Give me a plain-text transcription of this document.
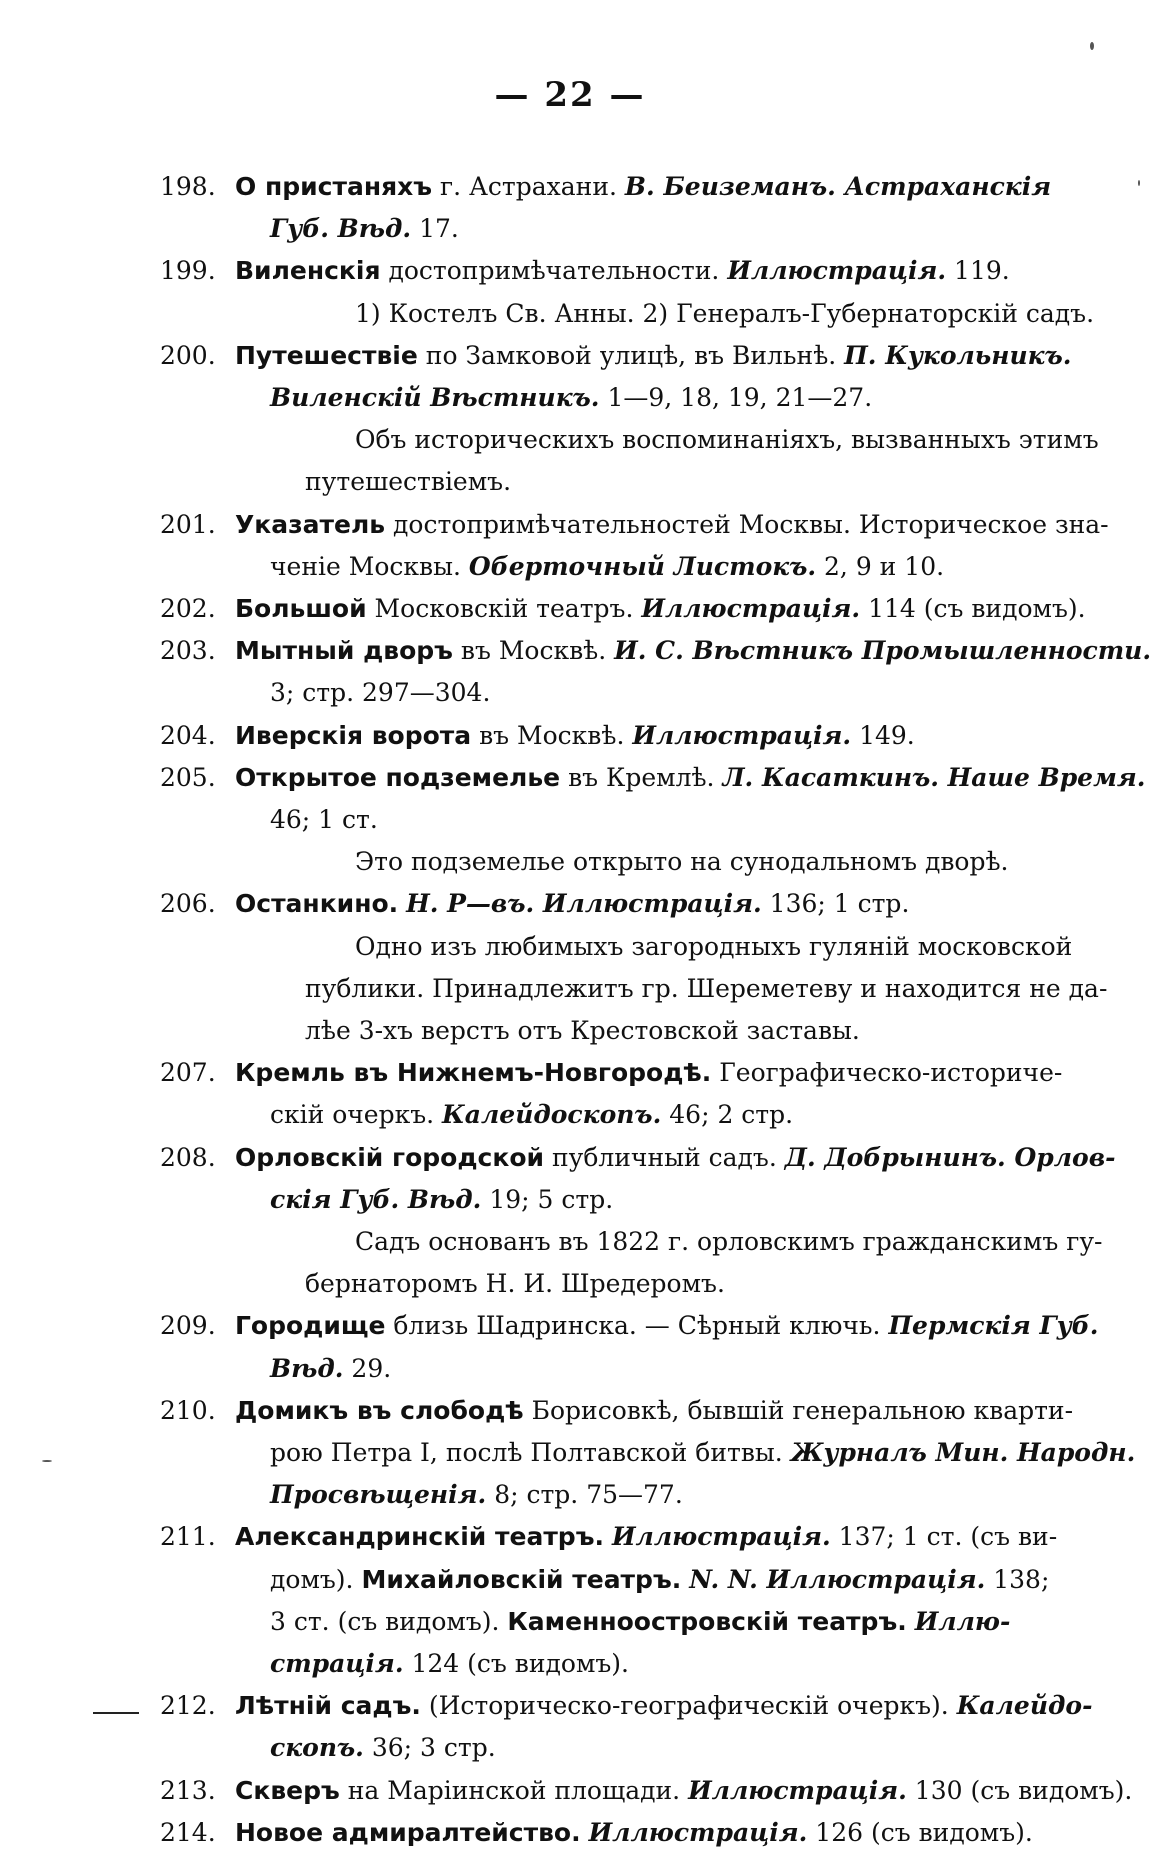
— 22 —
198. О пристаняхъ г. Астрахани. В. Беиземанъ. Астраханскія
Губ. Вѣд. 17.
199. Виленскія достопримѣчательности. Иллюстрація. 119.
1) Костелъ Св. Анны. 2) Генералъ-Губернаторскій садъ.
200. Путешествіе по Замковой улицѣ, въ Вильнѣ. П. Кукольникъ.
Виленскій Вѣстникъ. 1—9, 18, 19, 21—27.
Объ историческихъ воспоминаніяхъ, вызванныхъ этимъ
путешествіемъ.
201. Указатель достопримѣчательностей Москвы. Историческое зна-
ченіе Москвы. Оберточный Листокъ. 2, 9 и 10.
202. Большой Московскій театръ. Иллюстрація. 114 (съ видомъ).
203. Мытный дворъ въ Москвѣ. И. С. Вѣстникъ Промышленности.
3; стр. 297—304.
204. Иверскія ворота въ Москвѣ. Иллюстрація. 149.
205. Открытое подземелье въ Кремлѣ. Л. Касаткинъ. Наше Время.
46; 1 ст.
Это подземелье открыто на сунодальномъ дворѣ.
206. Останкино. Н. Р—въ. Иллюстрація. 136; 1 стр.
Одно изъ любимыхъ загородныхъ гуляній московской
публики. Принадлежитъ гр. Шереметеву и находится не да-
лѣе 3-хъ верстъ отъ Крестовской заставы.
207. Кремль въ Нижнемъ-Новгородѣ. Географическо-историче-
скій очеркъ. Калейдоскопъ. 46; 2 стр.
208. Орловскій городской публичный садъ. Д. Добрынинъ. Орлов-
скія Губ. Вѣд. 19; 5 стр.
Садъ основанъ въ 1822 г. орловскимъ гражданскимъ гу-
бернаторомъ Н. И. Шредеромъ.
209. Городище близь Шадринска. — Сѣрный ключь. Пермскія Губ.
Вѣд. 29.
210. Домикъ въ слободѣ Борисовкѣ, бывшій генеральною кварти-
рою Петра I, послѣ Полтавской битвы. Журналъ Мин. Народн.
Просвѣщенія. 8; стр. 75—77.
211. Александринскій театръ. Иллюстрація. 137; 1 ст. (съ ви-
домъ). Михайловскій театръ. N. N. Иллюстрація. 138;
3 ст. (съ видомъ). Каменноостровскій театръ. Иллю-
страція. 124 (съ видомъ).
212. Лѣтній садъ. (Историческо-географическій очеркъ). Калейдо-
скопъ. 36; 3 стр.
213. Скверъ на Маріинской площади. Иллюстрація. 130 (съ видомъ).
214. Новое адмиралтейство. Иллюстрація. 126 (съ видомъ).
